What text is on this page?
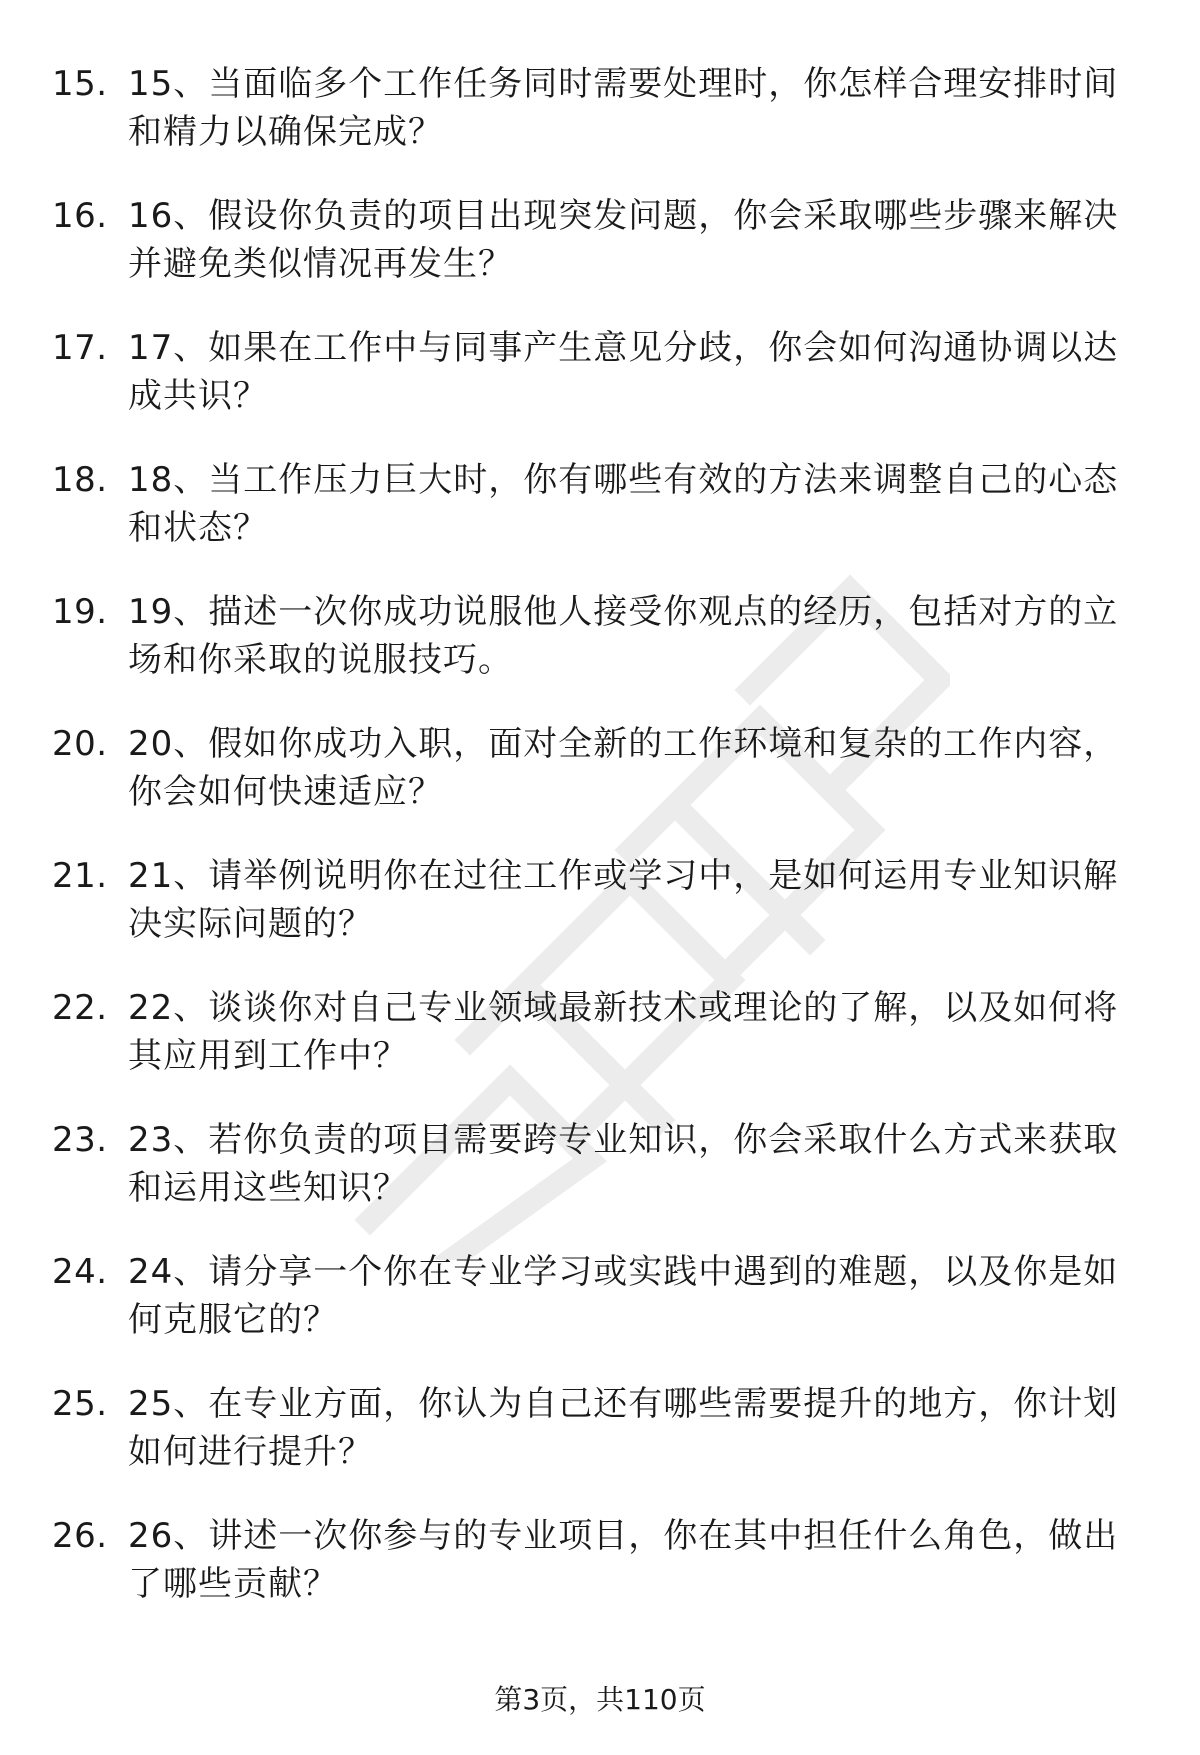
15. 15、当面临多个工作任务同时需要处理时，你怎样合理安排时间和精力以确保完成？
16. 16、假设你负责的项目出现突发问题，你会采取哪些步骤来解决并避免类似情况再发生？
17. 17、如果在工作中与同事产生意见分歧，你会如何沟通协调以达成共识？
18. 18、当工作压力巨大时，你有哪些有效的方法来调整自己的心态和状态？
19. 19、描述一次你成功说服他人接受你观点的经历，包括对方的立场和你采取的说服技巧。
20. 20、假如你成功入职，面对全新的工作环境和复杂的工作内容，你会如何快速适应？
21. 21、请举例说明你在过往工作或学习中，是如何运用专业知识解决实际问题的？
22. 22、谈谈你对自己专业领域最新技术或理论的了解，以及如何将其应用到工作中？
23. 23、若你负责的项目需要跨专业知识，你会采取什么方式来获取和运用这些知识？
24. 24、请分享一个你在专业学习或实践中遇到的难题，以及你是如何克服它的？
25. 25、在专业方面，你认为自己还有哪些需要提升的地方，你计划如何进行提升？
26. 26、讲述一次你参与的专业项目，你在其中担任什么角色，做出了哪些贡献？
第3页，共110页
